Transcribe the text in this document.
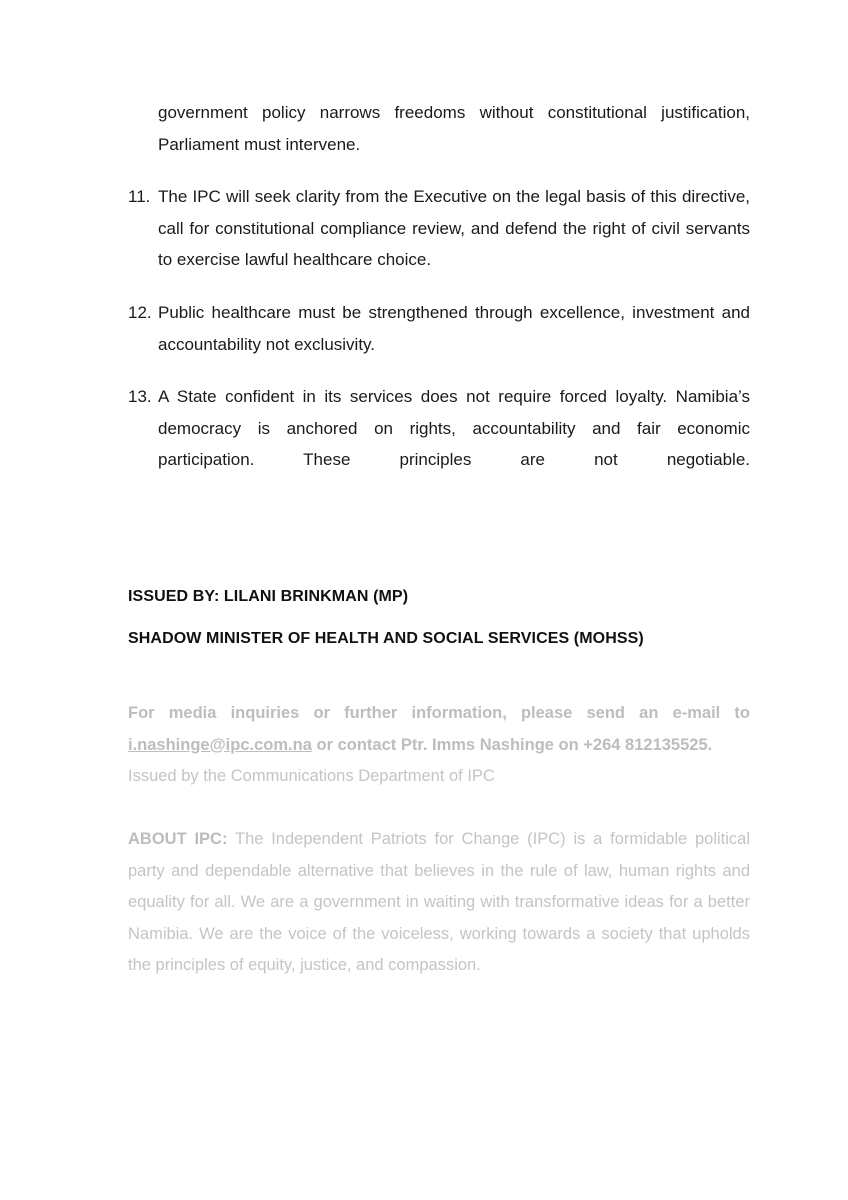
government policy narrows freedoms without constitutional justification, Parliament must intervene.

11. The IPC will seek clarity from the Executive on the legal basis of this directive, call for constitutional compliance review, and defend the right of civil servants to exercise lawful healthcare choice.

12. Public healthcare must be strengthened through excellence, investment and accountability not exclusivity.

13. A State confident in its services does not require forced loyalty. Namibia’s democracy is anchored on rights, accountability and fair economic participation. These principles are not negotiable.

ISSUED BY: LILANI BRINKMAN (MP)
SHADOW MINISTER OF HEALTH AND SOCIAL SERVICES (MOHSS)

For media inquiries or further information, please send an e-mail to i.nashinge@ipc.com.na or contact Ptr. Imms Nashinge on +264 812135525.
Issued by the Communications Department of IPC

ABOUT IPC: The Independent Patriots for Change (IPC) is a formidable political party and dependable alternative that believes in the rule of law, human rights and equality for all. We are a government in waiting with transformative ideas for a better Namibia. We are the voice of the voiceless, working towards a society that upholds the principles of equity, justice, and compassion.
